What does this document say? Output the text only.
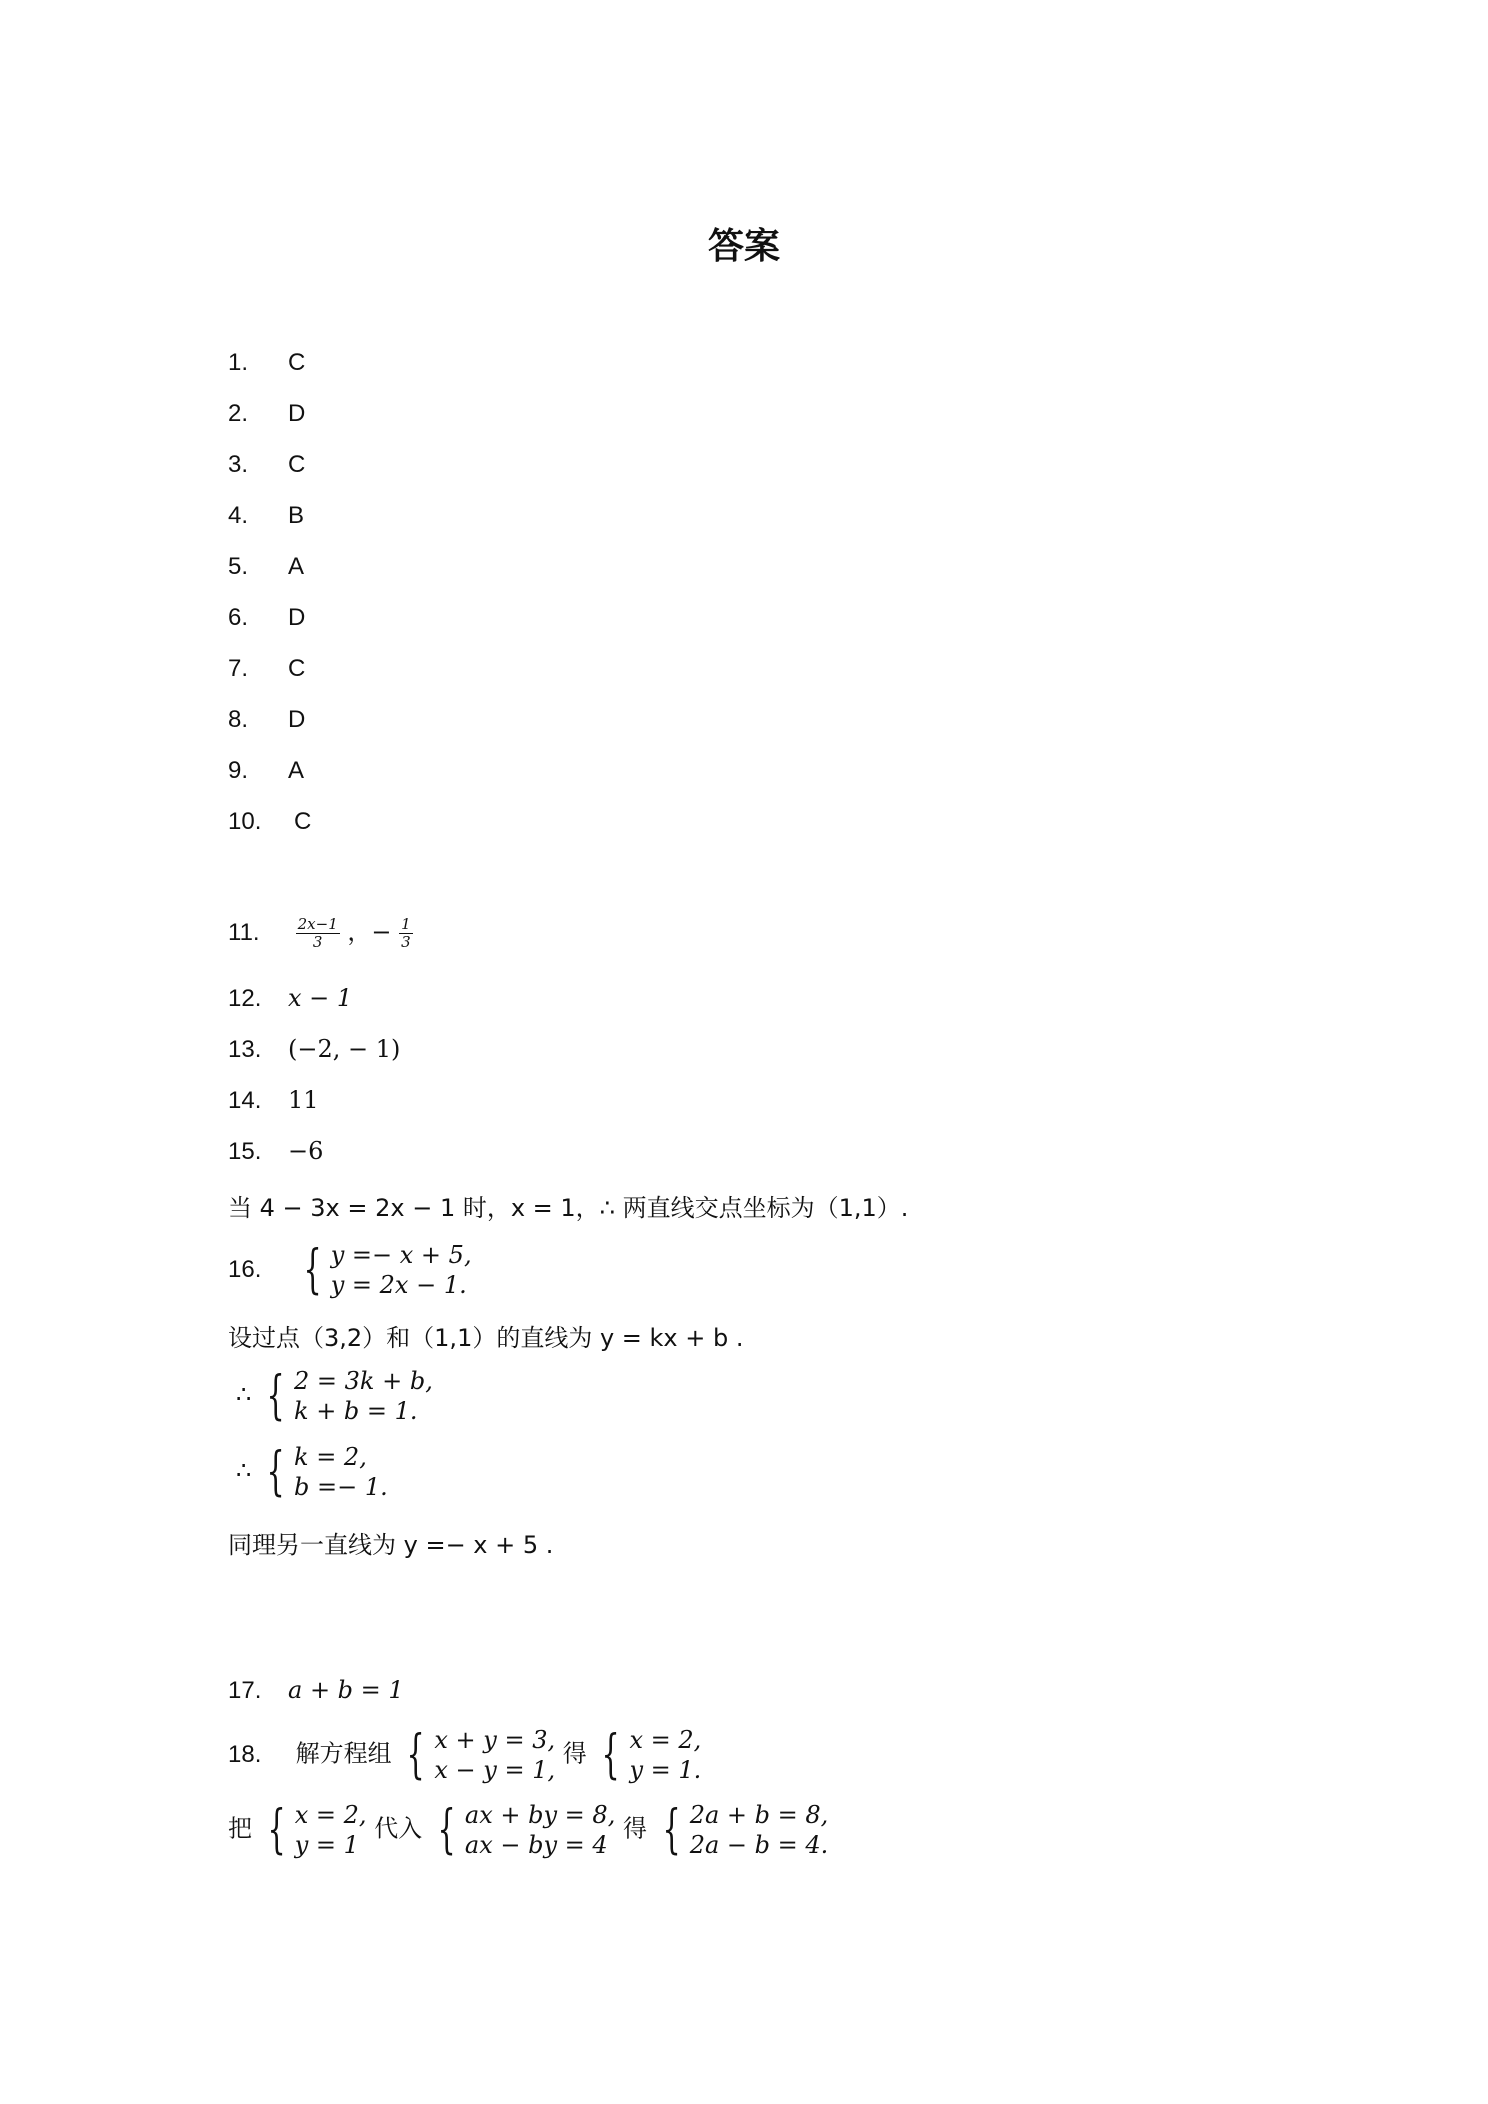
答案
1. C
2. D
3. C
4. B
5. A
6. D
7. C
8. D
9. A
10. C
11. $\frac{2x-1}{3}$ ，− $\frac{1}{3}$
12. x − 1
13. (−2, − 1)
14. 11
15. −6
当 4 − 3x = 2x − 1 时，x = 1，∴ 两直线交点坐标为（1,1）.
16. { y =− x + 5,
y = 2x − 1.
设过点（3,2）和（1,1）的直线为 y = kx + b .
∴ { 2 = 3k + b,
k + b = 1.
∴ { k = 2,
b =− 1.
同理另一直线为 y =− x + 5 .
17. a + b = 1
18. 解方程组 { x + y = 3,
x − y = 1,
得 { x = 2,
y = 1.
把 { x = 2,
y = 1
代入 { ax + by = 8,
ax − by = 4
得 { 2a + b = 8,
2a − b = 4.
